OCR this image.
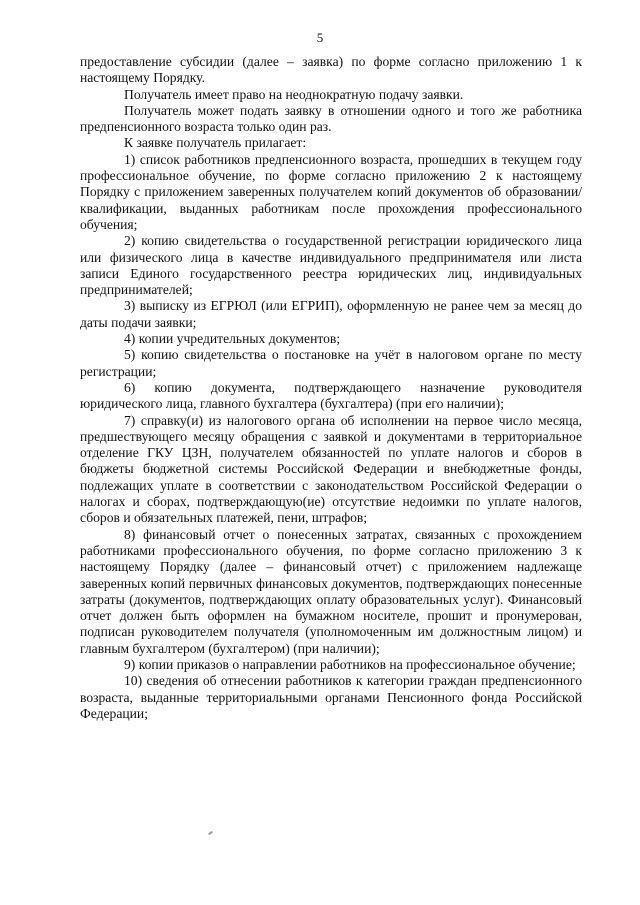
5

предоставление субсидии (далее – заявка) по форме согласно приложению 1 к настоящему Порядку.

Получатель имеет право на неоднократную подачу заявки.

Получатель может подать заявку в отношении одного и того же работника предпенсионного возраста только один раз.

К заявке получатель прилагает:

1) список работников предпенсионного возраста, прошедших в текущем году профессиональное обучение, по форме согласно приложению 2 к настоящему Порядку с приложением заверенных получателем копий документов об образовании/квалификации, выданных работникам после прохождения профессионального обучения;

2) копию свидетельства о государственной регистрации юридического лица или физического лица в качестве индивидуального предпринимателя или листа записи Единого государственного реестра юридических лиц, индивидуальных предпринимателей;

3) выписку из ЕГРЮЛ (или ЕГРИП), оформленную не ранее чем за месяц до даты подачи заявки;

4) копии учредительных документов;

5) копию свидетельства о постановке на учёт в налоговом органе по месту регистрации;

6) копию документа, подтверждающего назначение руководителя юридического лица, главного бухгалтера (бухгалтера) (при его наличии);

7) справку(и) из налогового органа об исполнении на первое число месяца, предшествующего месяцу обращения с заявкой и документами в территориальное отделение ГКУ ЦЗН, получателем обязанностей по уплате налогов и сборов в бюджеты бюджетной системы Российской Федерации и внебюджетные фонды, подлежащих уплате в соответствии с законодательством Российской Федерации о налогах и сборах, подтверждающую(ие) отсутствие недоимки по уплате налогов, сборов и обязательных платежей, пени, штрафов;

8) финансовый отчет о понесенных затратах, связанных с прохождением работниками профессионального обучения, по форме согласно приложению 3 к настоящему Порядку (далее – финансовый отчет) с приложением надлежаще заверенных копий первичных финансовых документов, подтверждающих понесенные затраты (документов, подтверждающих оплату образовательных услуг). Финансовый отчет должен быть оформлен на бумажном носителе, прошит и пронумерован, подписан руководителем получателя (уполномоченным им должностным лицом) и главным бухгалтером (бухгалтером) (при наличии);

9) копии приказов о направлении работников на профессиональное обучение;

10) сведения об отнесении работников к категории граждан предпенсионного возраста, выданные территориальными органами Пенсионного фонда Российской Федерации;
